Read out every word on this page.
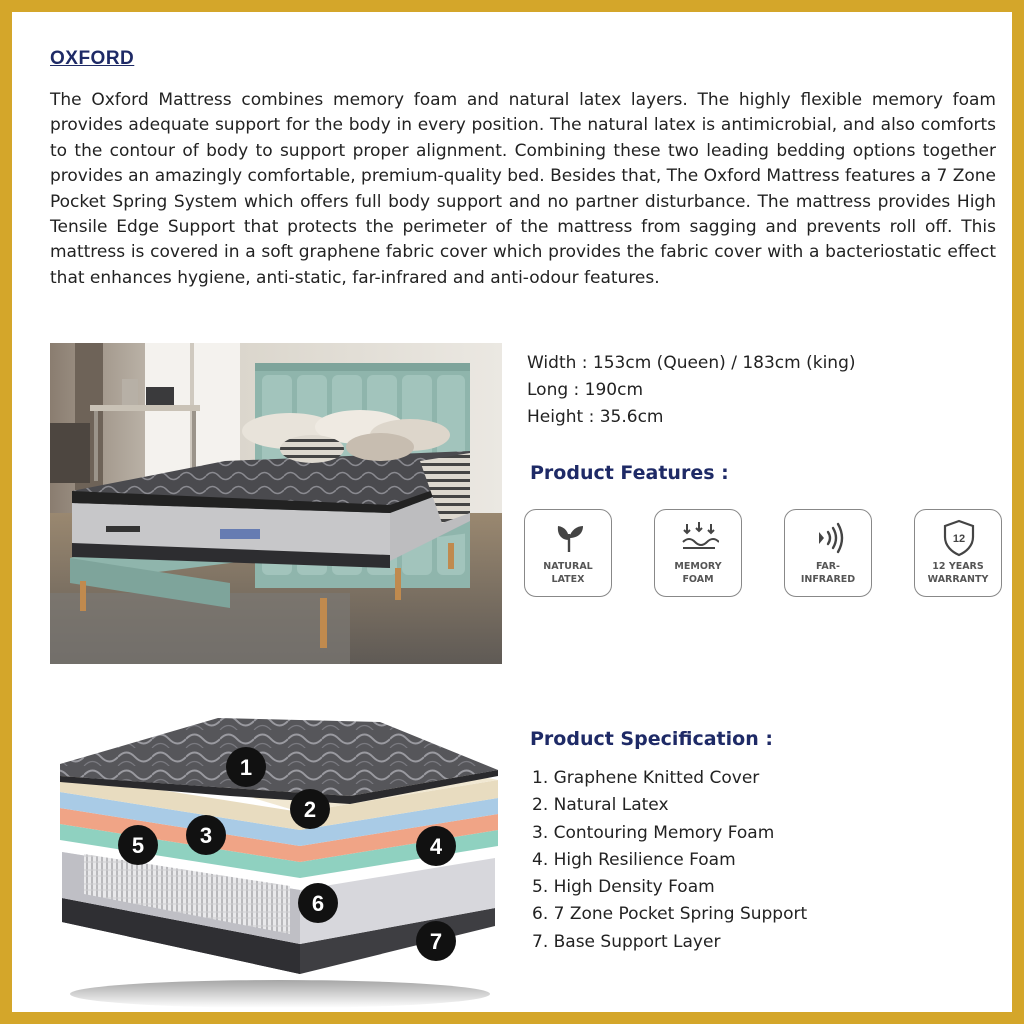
OXFORD

The Oxford Mattress combines memory foam and natural latex layers. The highly flexible memory foam provides adequate support for the body in every position. The natural latex is antimicrobial, and also comforts to the contour of body to support proper alignment. Combining these two leading bedding options together provides an amazingly comfortable, premium-quality bed. Besides that, The Oxford Mattress features a 7 Zone Pocket Spring System which offers full body support and no partner disturbance. The mattress provides High Tensile Edge Support that protects the perimeter of the mattress from sagging and prevents roll off. This mattress is covered in a soft graphene fabric cover which provides the fabric cover with a bacteriostatic effect that enhances hygiene, anti-static, far-infrared and anti-odour features.

Width : 153cm (Queen) / 183cm (king)
Long : 190cm
Height : 35.6cm
Product Features :
NATURAL
LATEX
MEMORY
FOAM
FAR-
INFRARED
12
12 YEARS
WARRANTY
1
2
3	4
5
6
7
Product Specification :
1. Graphene Knitted Cover
2. Natural Latex
3. Contouring Memory Foam
4. High Resilience Foam
5. High Density Foam
6. 7 Zone Pocket Spring Support
7. Base Support Layer
